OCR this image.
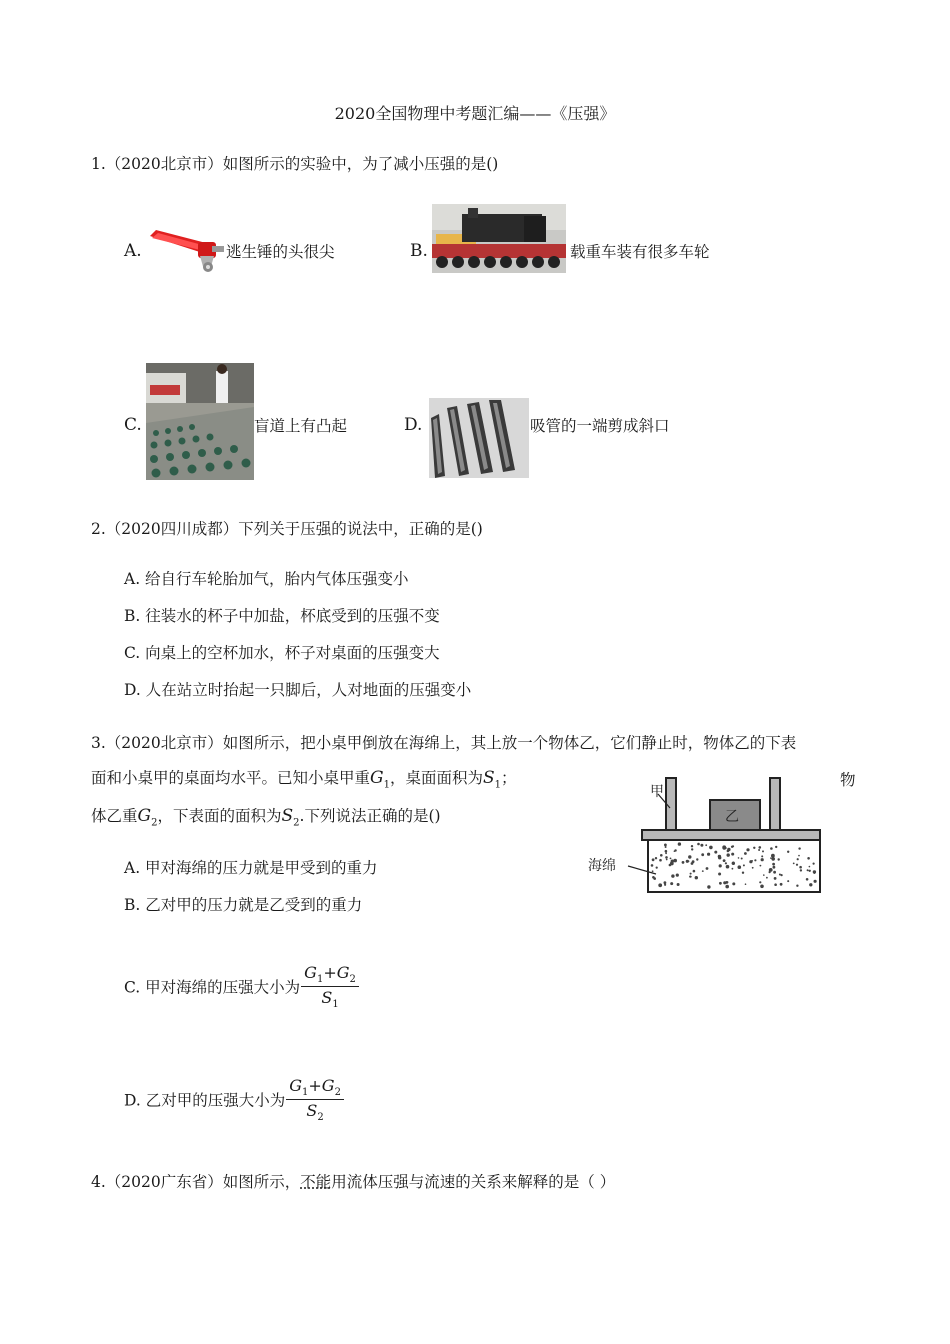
2020全国物理中考题汇编——《压强》
1.（2020北京市）如图所示的实验中，为了减小压强的是()
A.	逃生锤的头很尖	B.	载重车装有很多车轮
C.	盲道上有凸起	D.	吸管的一端剪成斜口
2.（2020四川成都）下列关于压强的说法中，正确的是()
A. 给自行车轮胎加气，胎内气体压强变小
B. 往装水的杯子中加盐，杯底受到的压强不变
C. 向桌上的空杯加水，杯子对桌面的压强变大
D. 人在站立时抬起一只脚后，人对地面的压强变小
3.（2020北京市）如图所示，把小桌甲倒放在海绵上，其上放一个物体乙，它们静止时，物体乙的下表
面和小桌甲的桌面均水平。已知小桌甲重$G_1$，桌面面积为$S_1$；	物
体乙重$G_2$，下表面的面积为$S_2$.下列说法正确的是()
甲
乙
海绵
A. 甲对海绵的压力就是甲受到的重力
B. 乙对甲的压力就是乙受到的重力
C. 甲对海绵的压强大小为 $\frac{G_1+G_2}{S_1}$
D. 乙对甲的压强大小为 $\frac{G_1+G_2}{S_2}$
4.（2020广东省）如图所示，不能用流体压强与流速的关系来解释的是（ ）
